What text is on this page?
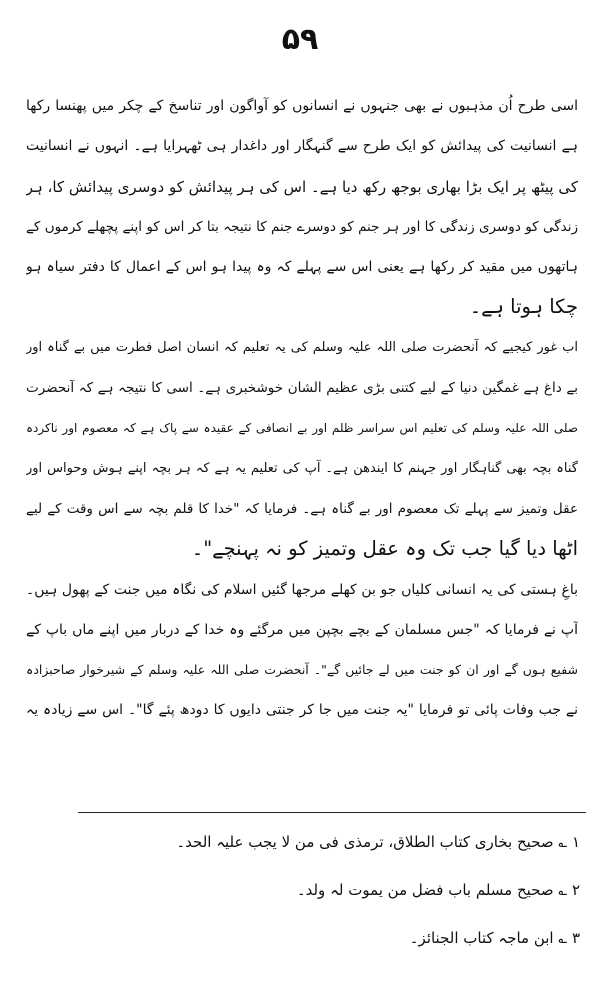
۵۹
اسی طرح اُن مذہبوں نے بھی جنہوں نے انسانوں کو آواگون اور تناسخ کے چکر میں پھنسا رکھا
ہے انسانیت کی پیدائش کو ایک طرح سے گنہگار اور داغدار ہی ٹھہرایا ہے۔ انہوں نے انسانیت
کی پیٹھ پر ایک بڑا بھاری بوجھ رکھ دیا ہے۔ اس کی ہر پیدائش کو دوسری پیدائش کا، ہر
زندگی کو دوسری زندگی کا اور ہر جنم کو دوسرے جنم کا نتیجہ بتا کر اس کو اپنے پچھلے کرموں کے
ہاتھوں میں مقید کر رکھا ہے یعنی اس سے پہلے کہ وہ پیدا ہو اس کے اعمال کا دفتر سیاہ ہو
چکا ہوتا ہے۔
اب غور کیجیے کہ آنحضرت صلی اللہ علیہ وسلم کی یہ تعلیم کہ انسان اصل فطرت میں بے گناہ اور
بے داغ ہے غمگین دنیا کے لیے کتنی بڑی عظیم الشان خوشخبری ہے۔ اسی کا نتیجہ ہے کہ آنحضرت
صلی اللہ علیہ وسلم کی تعلیم اس سراسر ظلم اور بے انصافی کے عقیدہ سے پاک ہے کہ معصوم اور ناکردہ
گناہ بچہ بھی گناہگار اور جہنم کا ایندھن ہے۔ آپ کی تعلیم یہ ہے کہ ہر بچہ اپنے ہوش وحواس اور
عقل وتمیز سے پہلے تک معصوم اور بے گناہ ہے۔ فرمایا کہ "خدا کا قلم بچہ سے اس وقت کے لیے
اٹھا دیا گیا جب تک وہ عقل وتمیز کو نہ پہنچے"۔
باغِ ہستی کی یہ انسانی کلیاں جو بن کھلے مرجھا گئیں اسلام کی نگاہ میں جنت کے پھول ہیں۔
آپ نے فرمایا کہ "جس مسلمان کے بچے بچپن میں مرگئے وہ خدا کے دربار میں اپنے ماں باپ کے
شفیع ہوں گے اور ان کو جنت میں لے جائیں گے"۔ آنحضرت صلی اللہ علیہ وسلم کے شیرخوار صاحبزادہ
نے جب وفات پائی تو فرمایا "یہ جنت میں جا کر جنتی دایوں کا دودھ پئے گا"۔ اس سے زیادہ یہ
۱ ؎ صحیح بخاری کتاب الطلاق، ترمذی فی من لا یجب علیہ الحد۔
۲ ؎ صحیح مسلم باب فضل من یموت لہ ولد۔
۳ ؎ ابن ماجہ کتاب الجنائز۔
